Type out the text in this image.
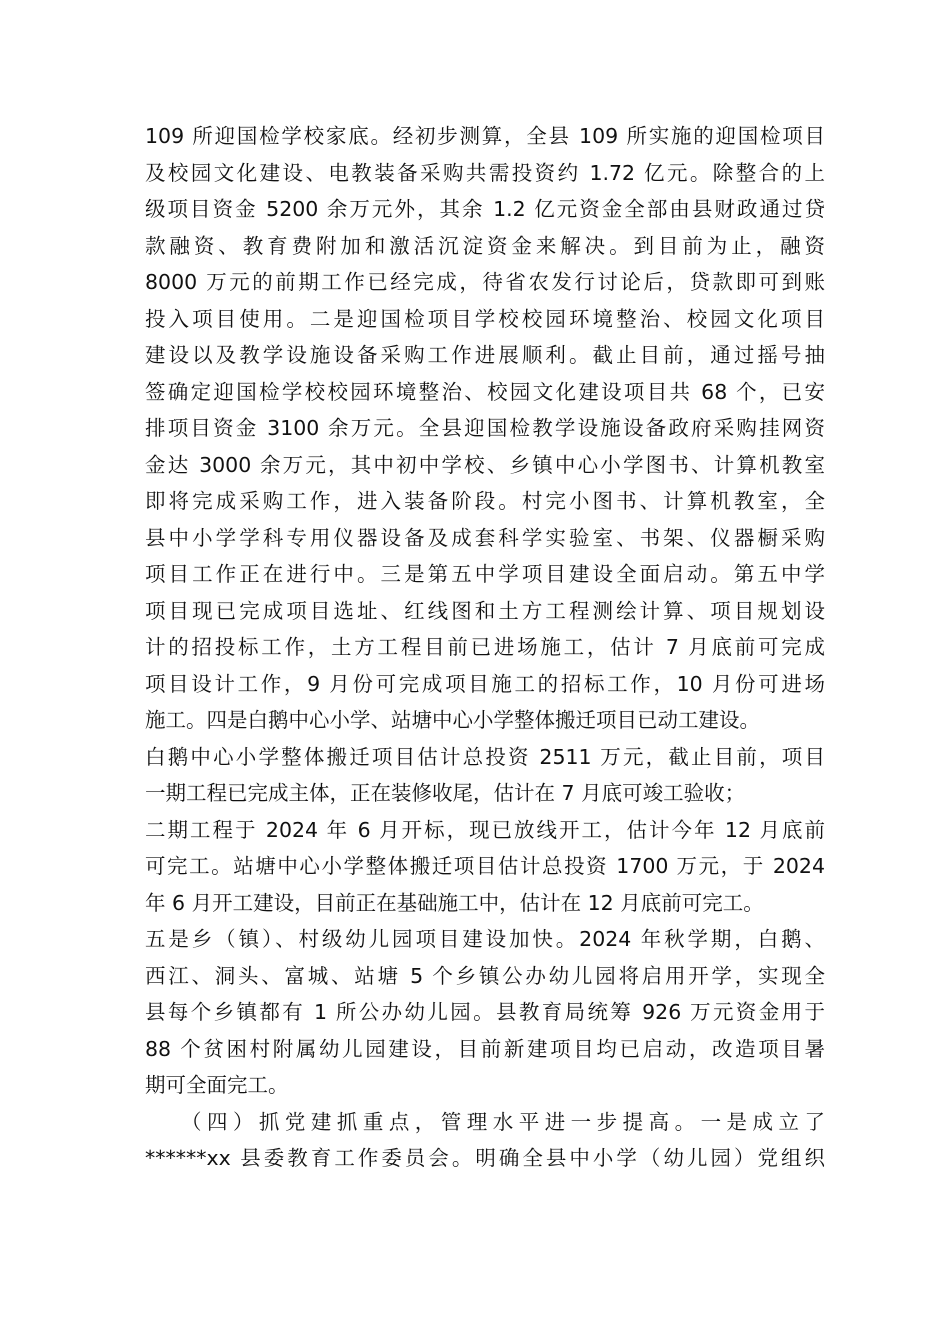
109 所迎国检学校家底。经初步测算，全县 109 所实施的迎国检项目
及校园文化建设、电教装备采购共需投资约 1.72 亿元。除整合的上
级项目资金 5200 余万元外，其余 1.2 亿元资金全部由县财政通过贷
款融资、教育费附加和激活沉淀资金来解决。到目前为止，融资
8000 万元的前期工作已经完成，待省农发行讨论后，贷款即可到账
投入项目使用。二是迎国检项目学校校园环境整治、校园文化项目
建设以及教学设施设备采购工作进展顺利。截止目前，通过摇号抽
签确定迎国检学校校园环境整治、校园文化建设项目共 68 个，已安
排项目资金 3100 余万元。全县迎国检教学设施设备政府采购挂网资
金达 3000 余万元，其中初中学校、乡镇中心小学图书、计算机教室
即将完成采购工作，进入装备阶段。村完小图书、计算机教室，全
县中小学学科专用仪器设备及成套科学实验室、书架、仪器橱采购
项目工作正在进行中。三是第五中学项目建设全面启动。第五中学
项目现已完成项目选址、红线图和土方工程测绘计算、项目规划设
计的招投标工作，土方工程目前已进场施工，估计 7 月底前可完成
项目设计工作，9 月份可完成项目施工的招标工作，10 月份可进场
施工。四是白鹅中心小学、站塘中心小学整体搬迁项目已动工建设。
白鹅中心小学整体搬迁项目估计总投资 2511 万元，截止目前，项目
一期工程已完成主体，正在装修收尾，估计在 7 月底可竣工验收；
二期工程于 2024 年 6 月开标，现已放线开工，估计今年 12 月底前
可完工。站塘中心小学整体搬迁项目估计总投资 1700 万元，于 2024
年 6 月开工建设，目前正在基础施工中，估计在 12 月底前可完工。
五是乡（镇）、村级幼儿园项目建设加快。2024 年秋学期，白鹅、
西江、洞头、富城、站塘 5 个乡镇公办幼儿园将启用开学，实现全
县每个乡镇都有 1 所公办幼儿园。县教育局统筹 926 万元资金用于
88 个贫困村附属幼儿园建设，目前新建项目均已启动，改造项目暑
期可全面完工。
（四）抓党建抓重点，管理水平进一步提高。一是成立了
******xx 县委教育工作委员会。明确全县中小学（幼儿园）党组织
